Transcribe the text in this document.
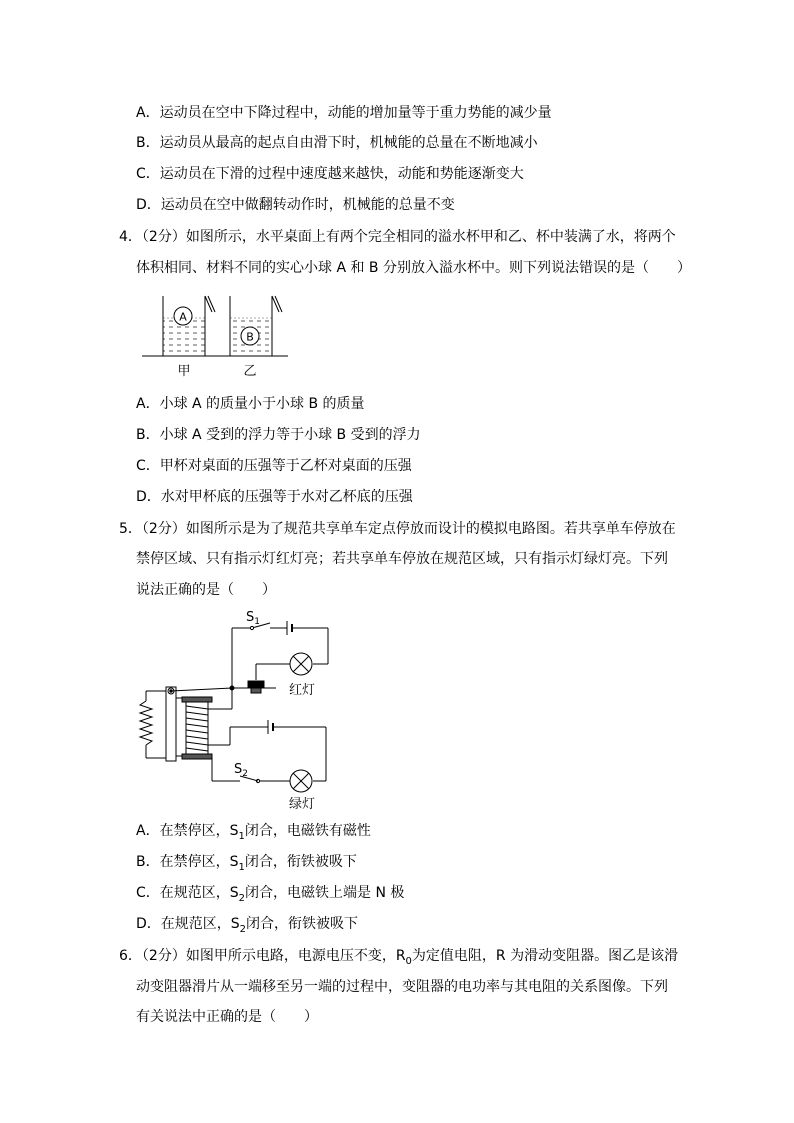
A．运动员在空中下降过程中，动能的增加量等于重力势能的减少量
B．运动员从最高的起点自由滑下时，机械能的总量在不断地减小
C．运动员在下滑的过程中速度越来越快，动能和势能逐渐变大
D．运动员在空中做翻转动作时，机械能的总量不变
4．（2分）如图所示，水平桌面上有两个完全相同的溢水杯甲和乙、杯中装满了水，将两个
体积相同、材料不同的实心小球 A 和 B 分别放入溢水杯中。则下列说法错误的是（　　）
A
B
甲	乙
$S_1$
$S_2$
红灯
绿灯
A．小球 A 的质量小于小球 B 的质量
B．小球 A 受到的浮力等于小球 B 受到的浮力
C．甲杯对桌面的压强等于乙杯对桌面的压强
D．水对甲杯底的压强等于水对乙杯底的压强
5．（2分）如图所示是为了规范共享单车定点停放而设计的模拟电路图。若共享单车停放在
禁停区域、只有指示灯红灯亮；若共享单车停放在规范区域，只有指示灯绿灯亮。下列
说法正确的是（　　）
A．在禁停区，$S_1$闭合，电磁铁有磁性
B．在禁停区，$S_1$闭合，衔铁被吸下
C．在规范区，$S_2$闭合，电磁铁上端是 N 极
D．在规范区，$S_2$闭合，衔铁被吸下
6．（2分）如图甲所示电路，电源电压不变，$R_0$为定值电阻，R 为滑动变阻器。图乙是该滑
动变阻器滑片从一端移至另一端的过程中，变阻器的电功率与其电阻的关系图像。下列
有关说法中正确的是（　　）
